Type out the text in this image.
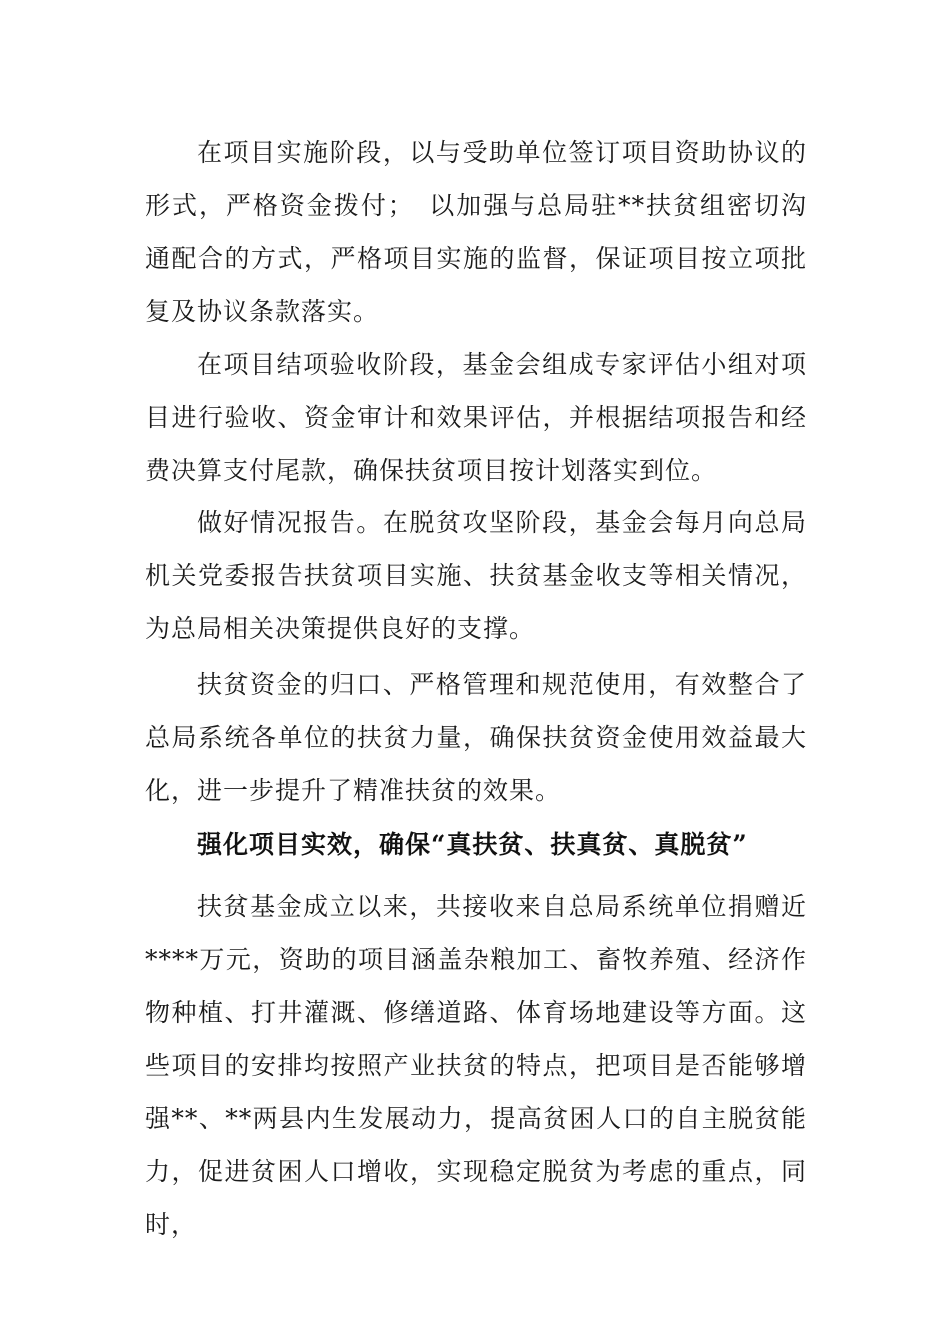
在项目实施阶段，以与受助单位签订项目资助协议的形式，严格资金拨付；　以加强与总局驻**扶贫组密切沟通配合的方式，严格项目实施的监督，保证项目按立项批复及协议条款落实。

在项目结项验收阶段，基金会组成专家评估小组对项目进行验收、资金审计和效果评估，并根据结项报告和经费决算支付尾款，确保扶贫项目按计划落实到位。

做好情况报告。在脱贫攻坚阶段，基金会每月向总局机关党委报告扶贫项目实施、扶贫基金收支等相关情况，为总局相关决策提供良好的支撑。

扶贫资金的归口、严格管理和规范使用，有效整合了总局系统各单位的扶贫力量，确保扶贫资金使用效益最大化，进一步提升了精准扶贫的效果。

强化项目实效，确保“真扶贫、扶真贫、真脱贫”

扶贫基金成立以来，共接收来自总局系统单位捐赠近****万元，资助的项目涵盖杂粮加工、畜牧养殖、经济作物种植、打井灌溉、修缮道路、体育场地建设等方面。这些项目的安排均按照产业扶贫的特点，把项目是否能够增强**、**两县内生发展动力，提高贫困人口的自主脱贫能力，促进贫困人口增收，实现稳定脱贫为考虑的重点，同时，
